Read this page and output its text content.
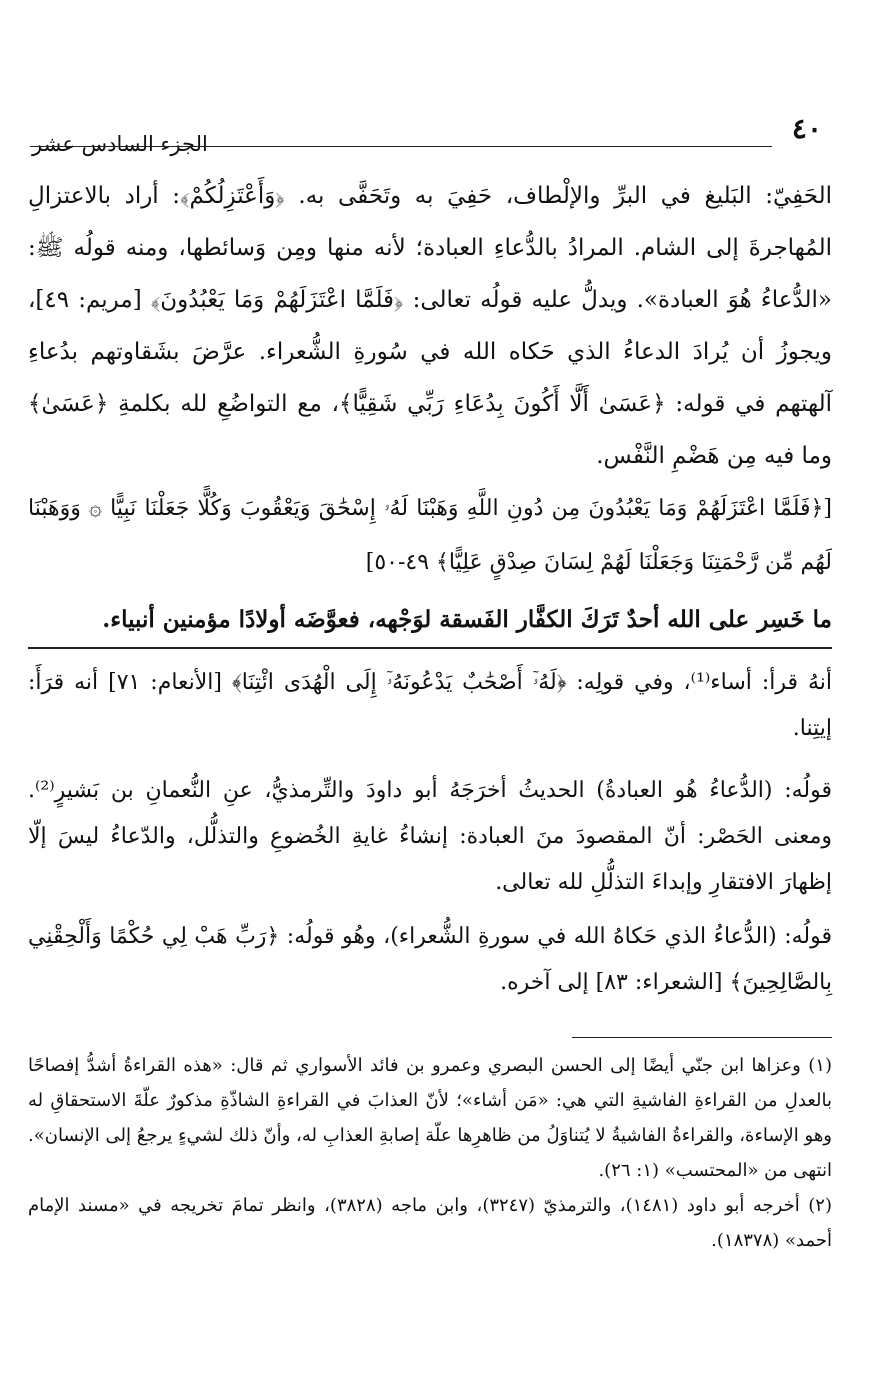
٤٠
الجزء السادس عشر

الحَفِيّ: البَليغ في البرِّ والإلْطاف، حَفِيَ به وتَحَفَّى به. ﴿وَأَعْتَزِلُكُمْ﴾: أراد بالاعتزالِ المُهاجرةَ إلى الشام. المرادُ بالدُّعاءِ العبادة؛ لأنه منها ومِن وَسائطها، ومنه قولُه ﷺ: «الدُّعاءُ هُوَ العبادة». ويدلُّ عليه قولُه تعالى: ﴿فَلَمَّا اعْتَزَلَهُمْ وَمَا يَعْبُدُونَ﴾ [مريم: ٤٩]، ويجوزُ أن يُرادَ الدعاءُ الذي حَكاه الله في سُورةِ الشُّعراء. عرَّضَ بشَقاوتهم بدُعاءِ آلهتهم في قوله: ﴿عَسَىٰ أَلَّا أَكُونَ بِدُعَاءِ رَبِّي شَقِيًّا﴾، مع التواضُعِ لله بكلمةِ ﴿عَسَىٰ﴾ وما فيه مِن هَضْمِ النَّفْس.

[﴿فَلَمَّا اعْتَزَلَهُمْ وَمَا يَعْبُدُونَ مِن دُونِ اللَّهِ وَهَبْنَا لَهُۥ إِسْحَٰقَ وَيَعْقُوبَ وَكُلًّا جَعَلْنَا نَبِيًّا ۞ وَوَهَبْنَا لَهُم مِّن رَّحْمَتِنَا وَجَعَلْنَا لَهُمْ لِسَانَ صِدْقٍ عَلِيًّا﴾ ٤٩-٥٠]

ما خَسِر على الله أحدٌ تَرَكَ الكفَّار الفَسقة لوَجْهه، فعوَّضَه أولادًا مؤمنين أنبياء.

أنهُ قرأ: أساء⁽¹⁾، وفي قولِه: ﴿لَهُۥٓ أَصْحَٰبٌ يَدْعُونَهُۥٓ إِلَى الْهُدَى ائْتِنَا﴾ [الأنعام: ٧١] أنه قرَأَ: إيتِنا.

قولُه: (الدُّعاءُ هُو العبادةُ) الحديثُ أخرَجَهُ أبو داودَ والتِّرمذيُّ، عنِ النُّعمانِ بن بَشيرٍ⁽²⁾. ومعنى الحَصْر: أنّ المقصودَ منَ العبادة: إنشاءُ غايةِ الخُضوعِ والتذلُّل، والدّعاءُ ليسَ إلّا إظهارَ الافتقارِ وإبداءَ التذلُّلِ لله تعالى.

قولُه: (الدُّعاءُ الذي حَكاهُ الله في سورةِ الشُّعراء)، وهُو قولُه: ﴿رَبِّ هَبْ لِي حُكْمًا وَأَلْحِقْنِي بِالصَّالِحِينَ﴾ [الشعراء: ٨٣] إلى آخره.

(١) وعزاها ابن جنّي أيضًا إلى الحسن البصري وعمرو بن فائد الأسواري ثم قال: «هذه القراءةُ أشدُّ إفصاحًا بالعدلِ من القراءةِ الفاشيةِ التي هي: «مَن أشاء»؛ لأنّ العذابَ في القراءةِ الشاذّةِ مذكورٌ علّةَ الاستحقاقِ له وهو الإساءة، والقراءةُ الفاشيةُ لا يُتناوَلُ من ظاهرِها علّة إصابةِ العذابِ له، وأنّ ذلك لشيءٍ يرجعُ إلى الإنسان». انتهى من «المحتسب» (١: ٢٦).

(٢) أخرجه أبو داود (١٤٨١)، والترمذيّ (٣٢٤٧)، وابن ماجه (٣٨٢٨)، وانظر تمامَ تخريجه في «مسند الإمام أحمد» (١٨٣٧٨).
